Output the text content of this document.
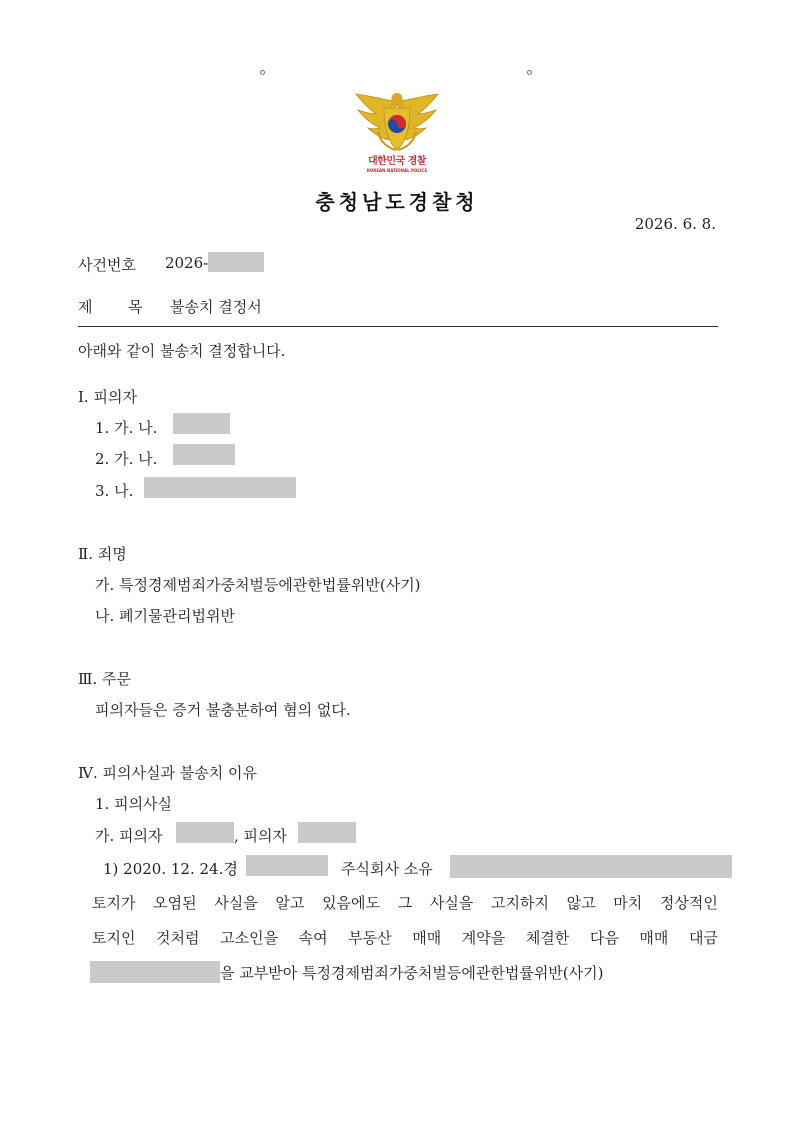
대한민국 경찰
KOREAN NATIONAL POLICE
충청남도경찰청
2026. 6. 8.
사건번호 2026-
제 목 불송치 결정서
아래와 같이 불송치 결정합니다.
Ⅰ. 피의자
1. 가. 나.
2. 가. 나.
3. 나.
Ⅱ. 죄명
가. 특정경제범죄가중처벌등에관한법률위반(사기)
나. 폐기물관리법위반
Ⅲ. 주문
피의자들은 증거 불충분하여 혐의 없다.
Ⅳ. 피의사실과 불송치 이유
1. 피의사실
가. 피의자	, 피의자
1) 2020. 12. 24.경	주식회사 소유
토지가 오염된 사실을 알고 있음에도 그 사실을 고지하지 않고 마치 정상적인
토지인 것처럼 고소인을 속여 부동산 매매 계약을 체결한 다음 매매 대금
을 교부받아 특정경제범죄가중처벌등에관한법률위반(사기)
